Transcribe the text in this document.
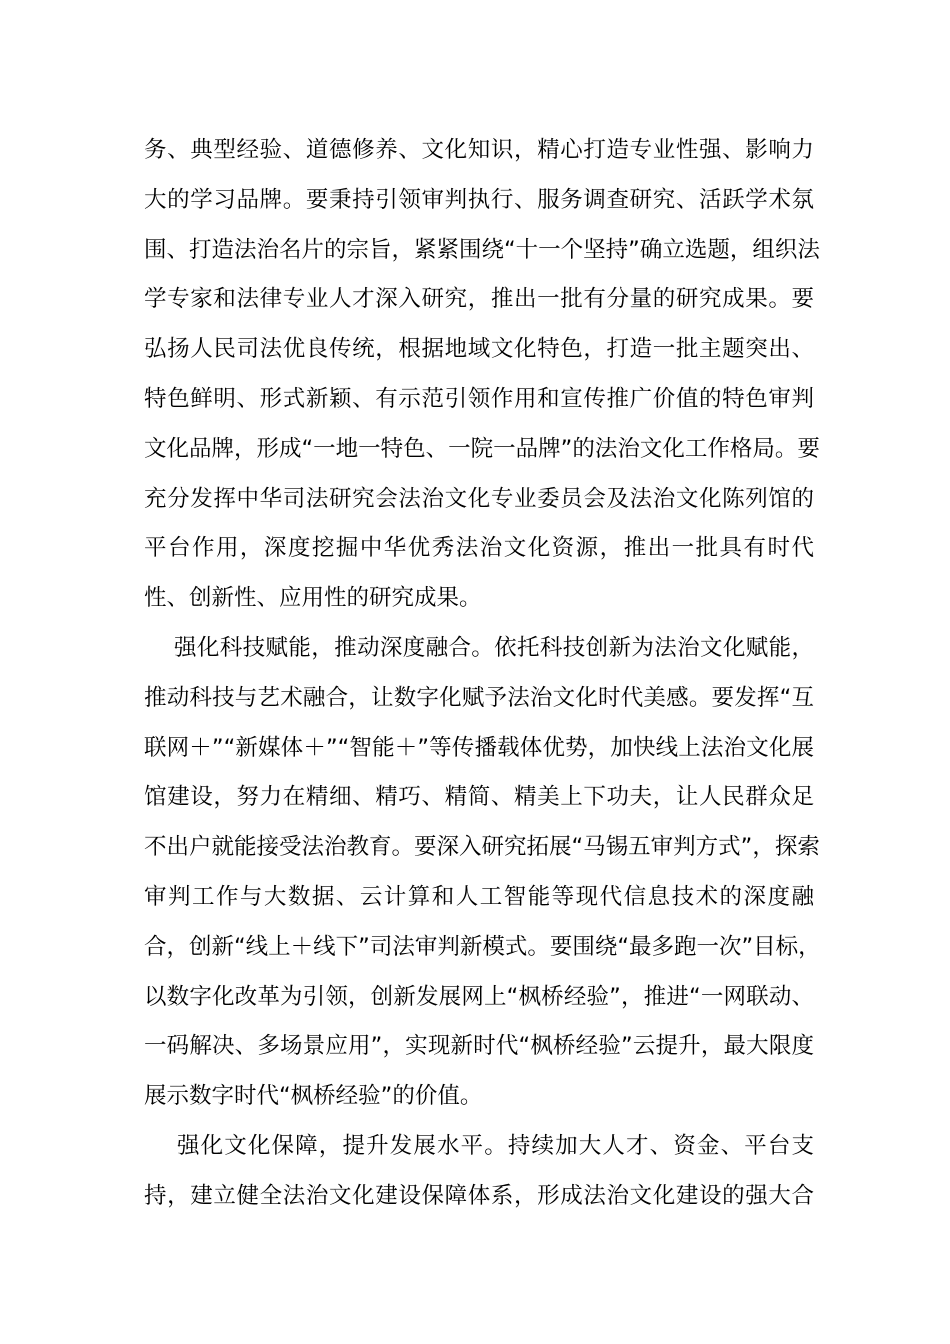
务、典型经验、道德修养、文化知识，精心打造专业性强、影响力
大的学习品牌。要秉持引领审判执行、服务调查研究、活跃学术氛
围、打造法治名片的宗旨，紧紧围绕“十一个坚持”确立选题，组织法
学专家和法律专业人才深入研究，推出一批有分量的研究成果。要
弘扬人民司法优良传统，根据地域文化特色，打造一批主题突出、
特色鲜明、形式新颖、有示范引领作用和宣传推广价值的特色审判
文化品牌，形成“一地一特色、一院一品牌”的法治文化工作格局。要
充分发挥中华司法研究会法治文化专业委员会及法治文化陈列馆的
平台作用，深度挖掘中华优秀法治文化资源，推出一批具有时代
性、创新性、应用性的研究成果。
强化科技赋能，推动深度融合。依托科技创新为法治文化赋能，
推动科技与艺术融合，让数字化赋予法治文化时代美感。要发挥“互
联网＋”“新媒体＋”“智能＋”等传播载体优势，加快线上法治文化展
馆建设，努力在精细、精巧、精简、精美上下功夫，让人民群众足
不出户就能接受法治教育。要深入研究拓展“马锡五审判方式”，探索
审判工作与大数据、云计算和人工智能等现代信息技术的深度融
合，创新“线上＋线下”司法审判新模式。要围绕“最多跑一次”目标，
以数字化改革为引领，创新发展网上“枫桥经验”，推进“一网联动、
一码解决、多场景应用”，实现新时代“枫桥经验”云提升，最大限度
展示数字时代“枫桥经验”的价值。
强化文化保障，提升发展水平。持续加大人才、资金、平台支
持，建立健全法治文化建设保障体系，形成法治文化建设的强大合
